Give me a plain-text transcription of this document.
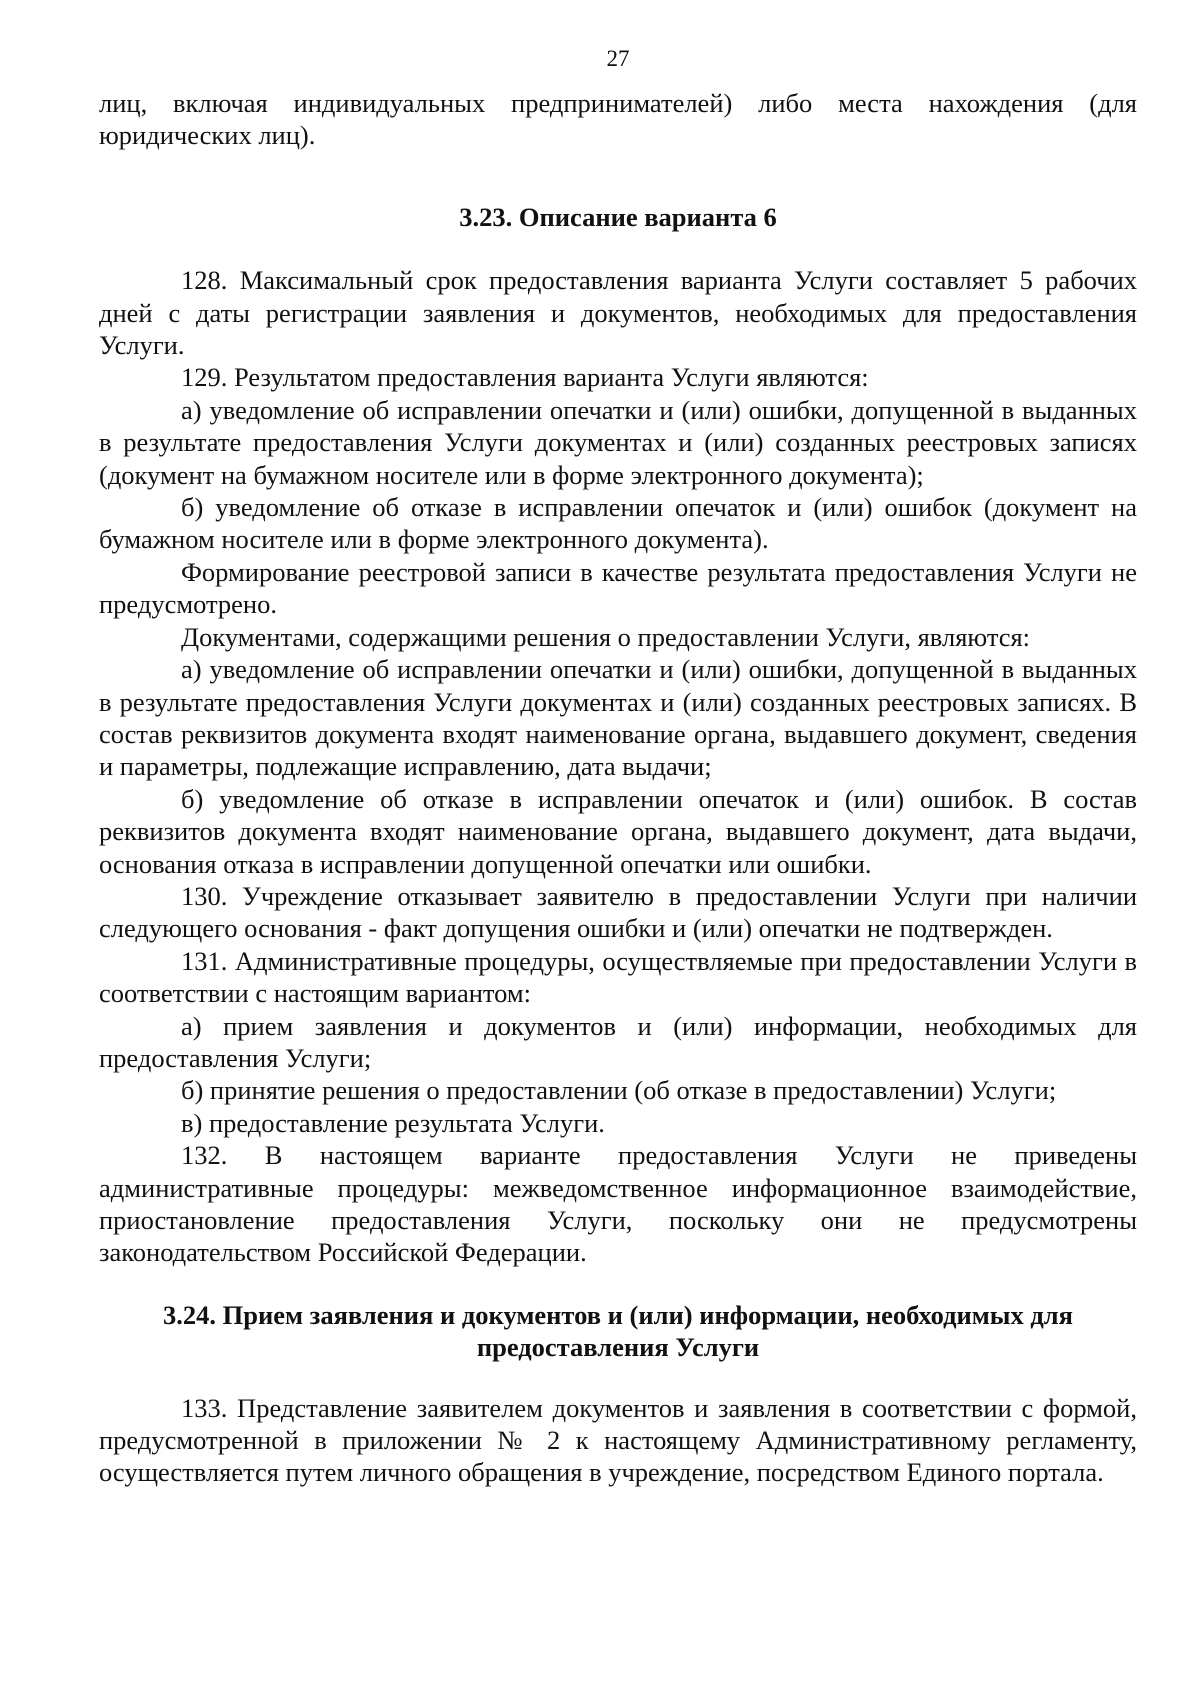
27

лиц, включая индивидуальных предпринимателей) либо места нахождения (для юридических лиц).

3.23. Описание варианта 6

128. Максимальный срок предоставления варианта Услуги составляет 5 рабочих дней с даты регистрации заявления и документов, необходимых для предоставления Услуги.

129. Результатом предоставления варианта Услуги являются:

а) уведомление об исправлении опечатки и (или) ошибки, допущенной в выданных в результате предоставления Услуги документах и (или) созданных реестровых записях (документ на бумажном носителе или в форме электронного документа);

б) уведомление об отказе в исправлении опечаток и (или) ошибок (документ на бумажном носителе или в форме электронного документа).

Формирование реестровой записи в качестве результата предоставления Услуги не предусмотрено.

Документами, содержащими решения о предоставлении Услуги, являются:

а) уведомление об исправлении опечатки и (или) ошибки, допущенной в выданных в результате предоставления Услуги документах и (или) созданных реестровых записях. В состав реквизитов документа входят наименование органа, выдавшего документ, сведения и параметры, подлежащие исправлению, дата выдачи;

б) уведомление об отказе в исправлении опечаток и (или) ошибок. В состав реквизитов документа входят наименование органа, выдавшего документ, дата выдачи, основания отказа в исправлении допущенной опечатки или ошибки.

130. Учреждение отказывает заявителю в предоставлении Услуги при наличии следующего основания - факт допущения ошибки и (или) опечатки не подтвержден.

131. Административные процедуры, осуществляемые при предоставлении Услуги в соответствии с настоящим вариантом:

а) прием заявления и документов и (или) информации, необходимых для предоставления Услуги;

б) принятие решения о предоставлении (об отказе в предоставлении) Услуги;

в) предоставление результата Услуги.

132. В настоящем варианте предоставления Услуги не приведены административные процедуры: межведомственное информационное взаимодействие, приостановление предоставления Услуги, поскольку они не предусмотрены законодательством Российской Федерации.

3.24. Прием заявления и документов и (или) информации, необходимых для предоставления Услуги

133. Представление заявителем документов и заявления в соответствии с формой, предусмотренной в приложении № 2 к настоящему Административному регламенту, осуществляется путем личного обращения в учреждение, посредством Единого портала.
